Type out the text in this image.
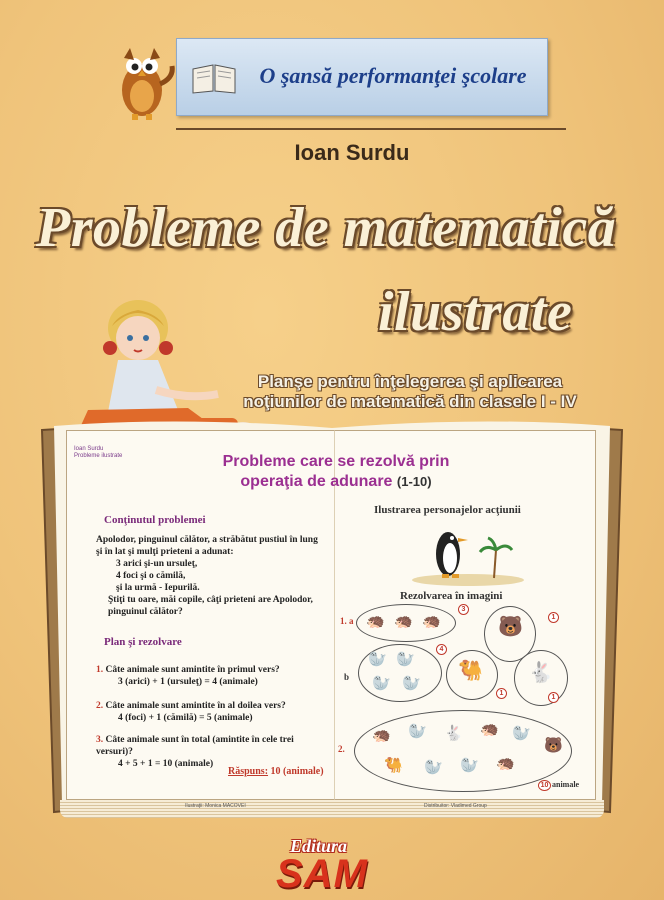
O şansă performanţei şcolare
Ioan Surdu
Probleme de matematică
ilustrate
Planşe pentru înţelegerea şi aplicarea
noţiunilor de matematică din clasele I - IV
Ioan Surdu
Probleme ilustrate	Probleme care se rezolvă prin
operaţia de adunare (1-10)
Conţinutul problemei
Apolodor, pinguinul călător, a străbătut pustiul în lung şi în lat şi mulţi prieteni a adunat:
3 arici şi-un ursuleţ,
4 foci şi o cămilă,
şi la urmă - Iepurilă.
Ştiţi tu oare, măi copile, câţi prieteni are Apolodor, pinguinul călător?
Plan şi rezolvare
1. Câte animale sunt amintite în primul vers?
3 (arici) + 1 (ursuleţ) = 4 (animale)
2. Câte animale sunt amintite în al doilea vers?
4 (foci) + 1 (cămilă) = 5 (animale)
3. Câte animale sunt în total (amintite în cele trei versuri)?
4 + 5 + 1 = 10 (animale)
Răspuns: 10 (animale)
Ilustrarea personajelor acţiunii
Rezolvarea în imagini
1. a
b
2.
🦔 🦔 🦔
3
🐻	1
🦭 🦭
🦭 🦭
4
🐫
1
🐇
1
🦔 🦭 🐇 🦔 🦭
🐻
🐫 🦭 🦭 🦔
10 animale
Ilustraţii: Monica MACOVEI	Distribuitor: Vladimed Group
Editura
SAM
